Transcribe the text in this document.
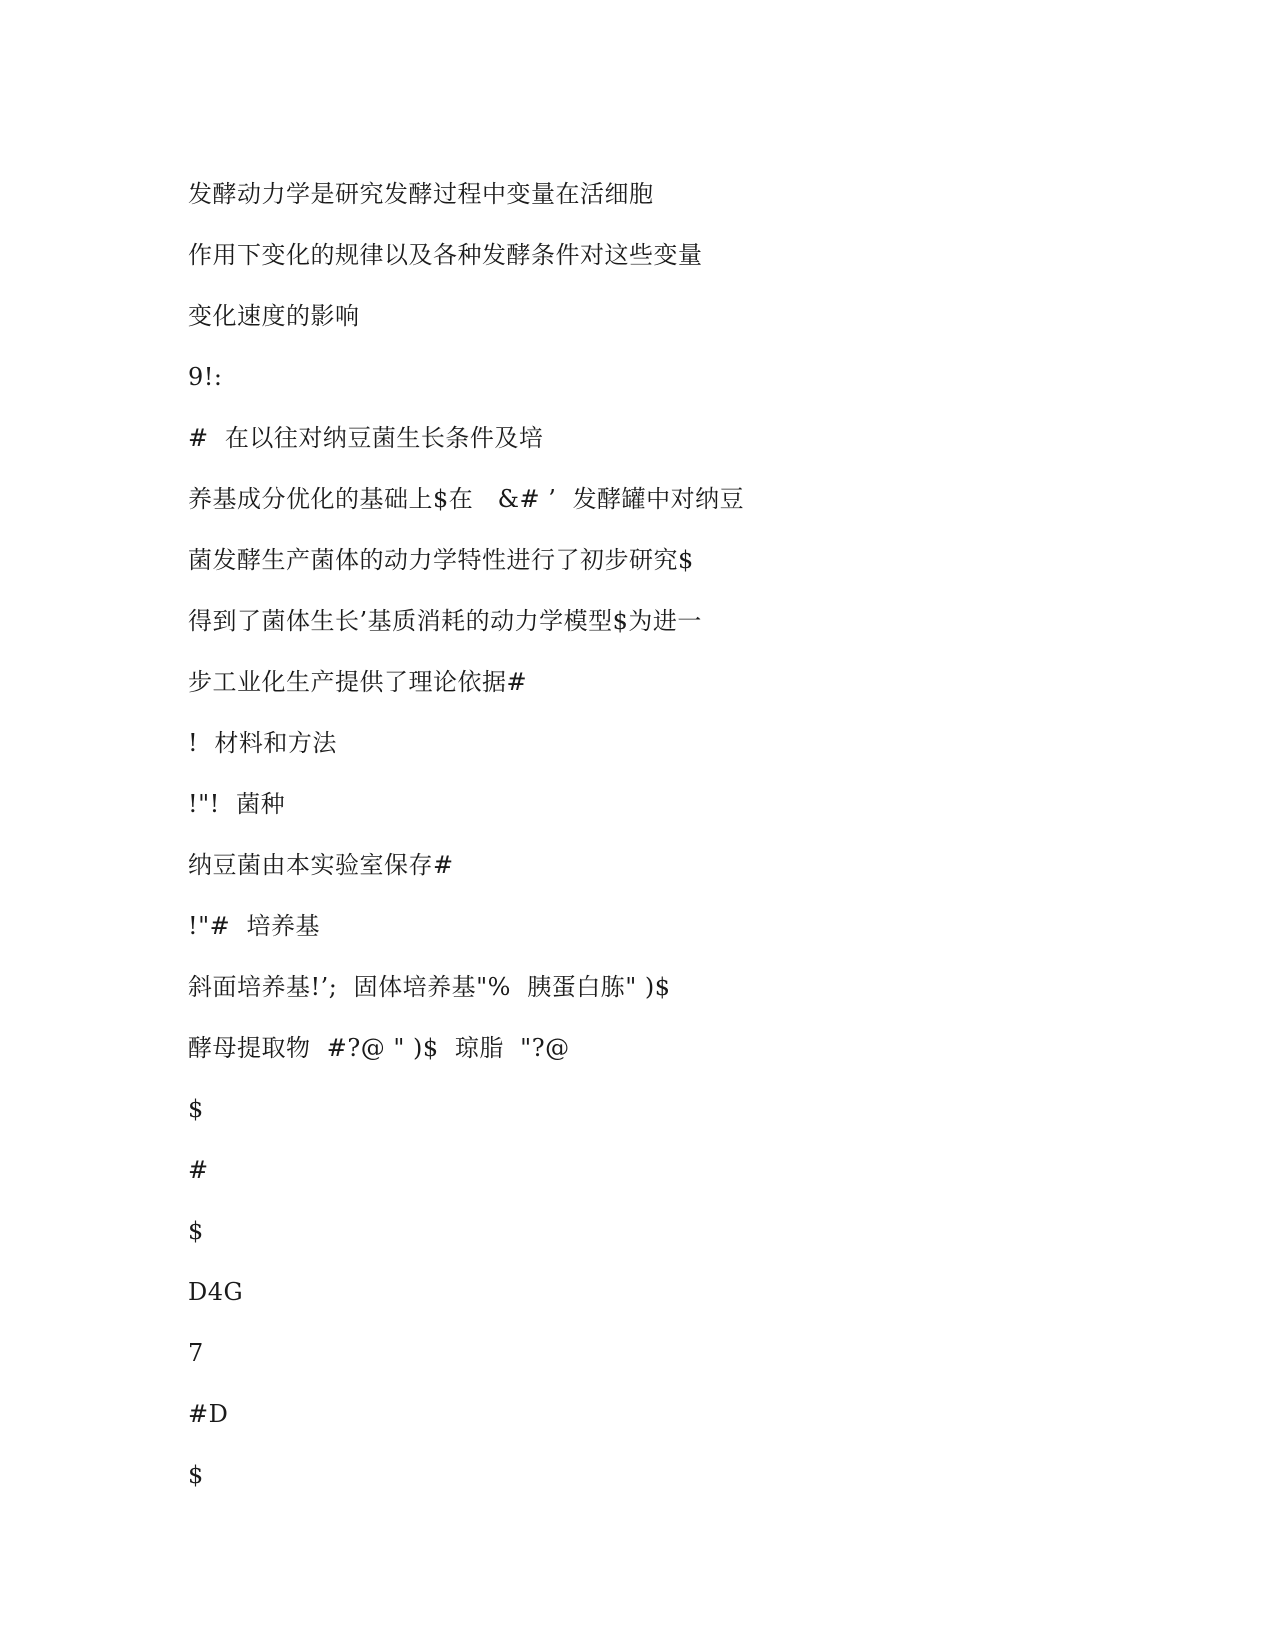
发酵动力学是研究发酵过程中变量在活细胞
作用下变化的规律以及各种发酵条件对这些变量
变化速度的影响
9!:
#  在以往对纳豆菌生长条件及培
养基成分优化的基础上$在   &# ’  发酵罐中对纳豆
菌发酵生产菌体的动力学特性进行了初步研究$
得到了菌体生长’基质消耗的动力学模型$为进一
步工业化生产提供了理论依据#
!  材料和方法
!"!  菌种
纳豆菌由本实验室保存#
!"#  培养基
斜面培养基!’;  固体培养基"%  胰蛋白胨" )$
酵母提取物  #?@ " )$  琼脂  "?@
$
#
$
D4G
7
#D
$
